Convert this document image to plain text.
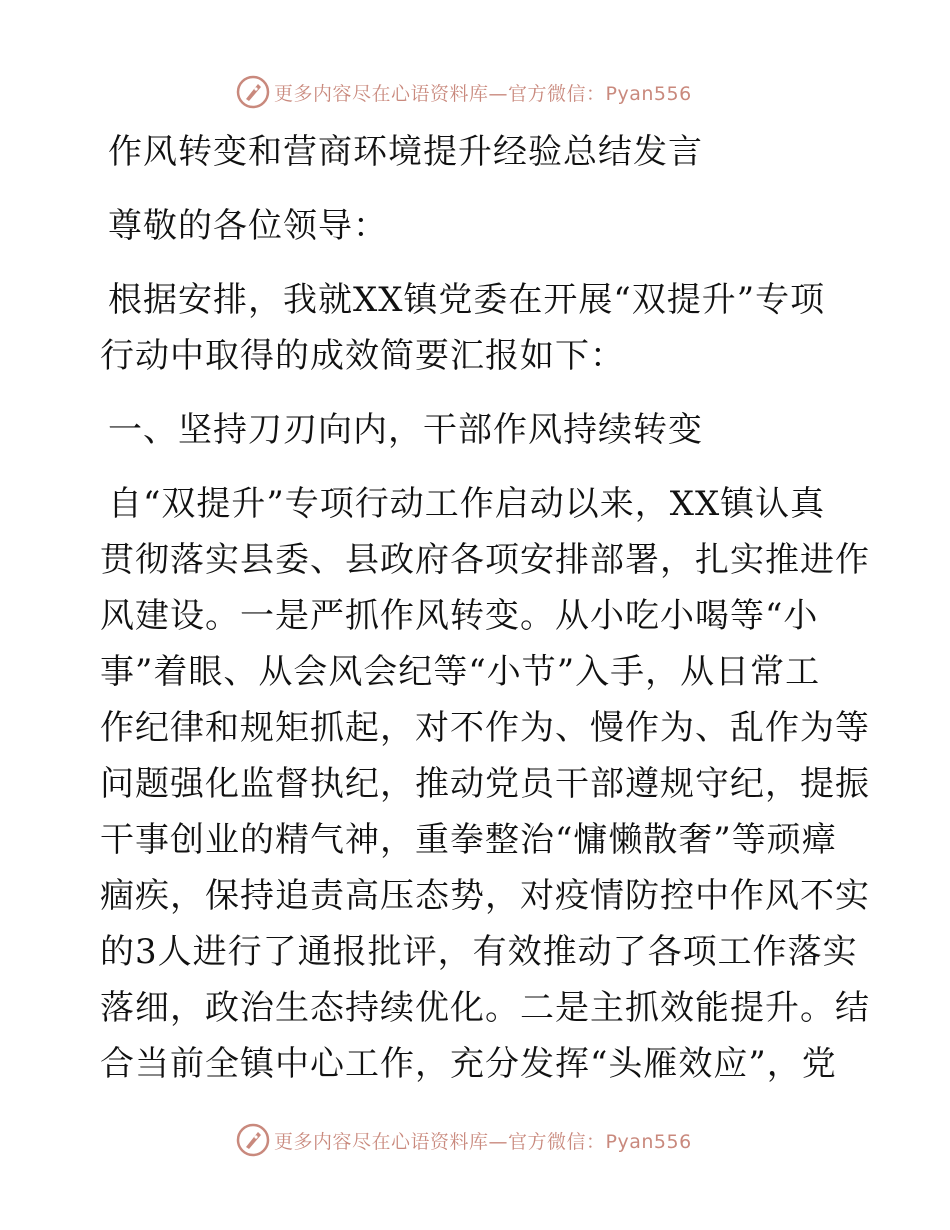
更多内容尽在心语资料库—官方微信：Pyan556
作风转变和营商环境提升经验总结发言
尊敬的各位领导：
根据安排，我就XX镇党委在开展“双提升”专项
行动中取得的成效简要汇报如下：
一、坚持刀刃向内，干部作风持续转变
自“双提升”专项行动工作启动以来，XX镇认真
贯彻落实县委、县政府各项安排部署，扎实推进作
风建设。一是严抓作风转变。从小吃小喝等“小
事”着眼、从会风会纪等“小节”入手，从日常工
作纪律和规矩抓起，对不作为、慢作为、乱作为等
问题强化监督执纪，推动党员干部遵规守纪，提振
干事创业的精气神，重拳整治“慵懒散奢”等顽瘴
痼疾，保持追责高压态势，对疫情防控中作风不实
的3人进行了通报批评，有效推动了各项工作落实
落细，政治生态持续优化。二是主抓效能提升。结
合当前全镇中心工作，充分发挥“头雁效应”，党
更多内容尽在心语资料库—官方微信：Pyan556
